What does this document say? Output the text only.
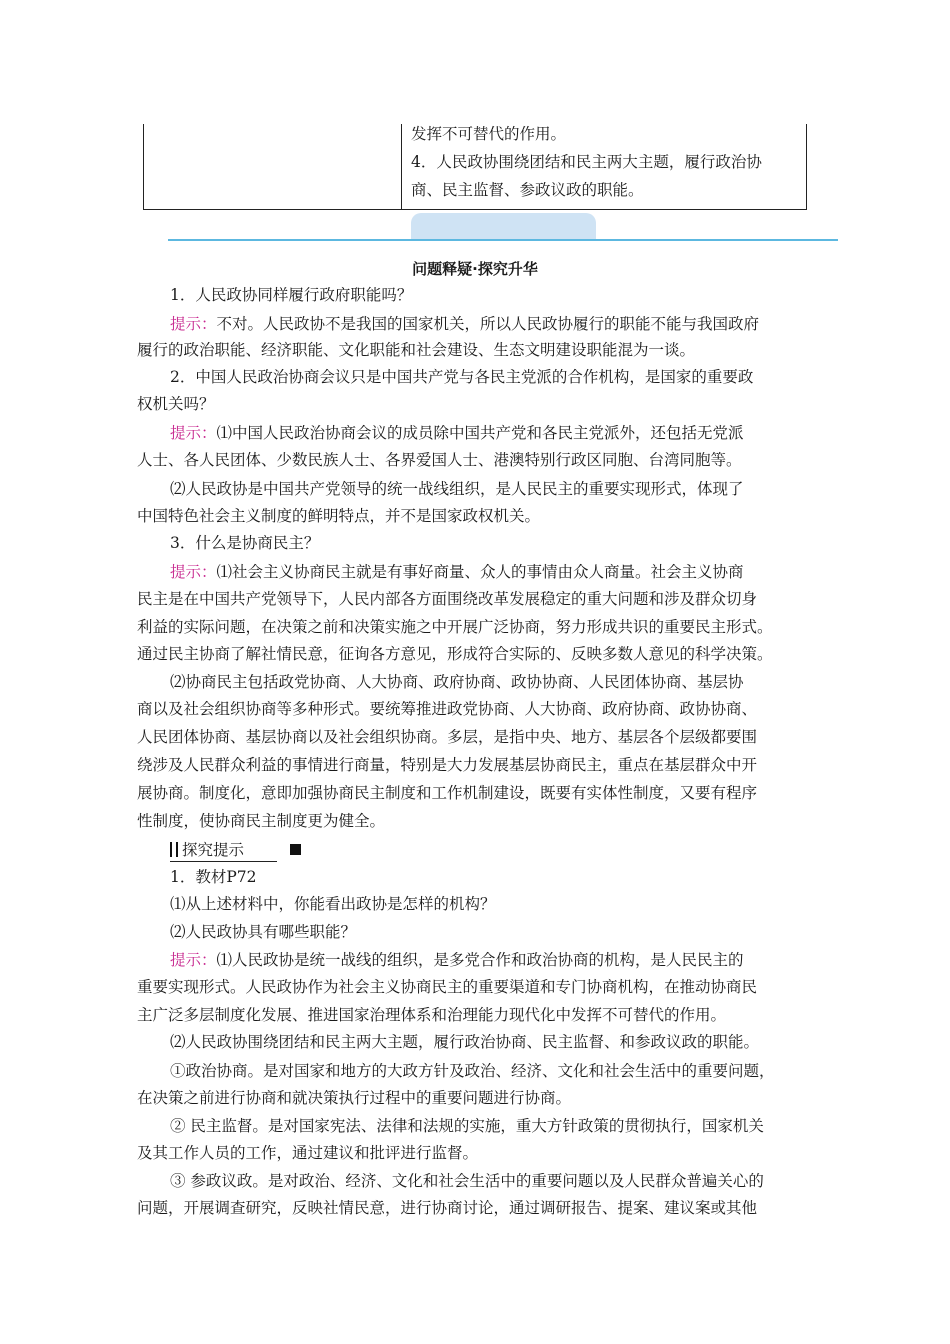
发挥不可替代的作用。
4．人民政协围绕团结和民主两大主题，履行政治协
商、民主监督、参政议政的职能。
问题释疑·探究升华
1．人民政协同样履行政府职能吗？
提示：不对。人民政协不是我国的国家机关，所以人民政协履行的职能不能与我国政府
履行的政治职能、经济职能、文化职能和社会建设、生态文明建设职能混为一谈。
2．中国人民政治协商会议只是中国共产党与各民主党派的合作机构，是国家的重要政
权机关吗？
提示：⑴中国人民政治协商会议的成员除中国共产党和各民主党派外，还包括无党派
人士、各人民团体、少数民族人士、各界爱国人士、港澳特别行政区同胞、台湾同胞等。
⑵人民政协是中国共产党领导的统一战线组织，是人民民主的重要实现形式，体现了
中国特色社会主义制度的鲜明特点，并不是国家政权机关。
3．什么是协商民主？
提示：⑴社会主义协商民主就是有事好商量、众人的事情由众人商量。社会主义协商
民主是在中国共产党领导下，人民内部各方面围绕改革发展稳定的重大问题和涉及群众切身
利益的实际问题，在决策之前和决策实施之中开展广泛协商，努力形成共识的重要民主形式。
通过民主协商了解社情民意，征询各方意见，形成符合实际的、反映多数人意见的科学决策。
⑵协商民主包括政党协商、人大协商、政府协商、政协协商、人民团体协商、基层协
商以及社会组织协商等多种形式。要统筹推进政党协商、人大协商、政府协商、政协协商、
人民团体协商、基层协商以及社会组织协商。多层，是指中央、地方、基层各个层级都要围
绕涉及人民群众利益的事情进行商量，特别是大力发展基层协商民主，重点在基层群众中开
展协商。制度化，意即加强协商民主制度和工作机制建设，既要有实体性制度，又要有程序
性制度，使协商民主制度更为健全。
探究提示
1．教材P72
⑴从上述材料中，你能看出政协是怎样的机构？
⑵人民政协具有哪些职能？
提示：⑴人民政协是统一战线的组织，是多党合作和政治协商的机构，是人民民主的
重要实现形式。人民政协作为社会主义协商民主的重要渠道和专门协商机构，在推动协商民
主广泛多层制度化发展、推进国家治理体系和治理能力现代化中发挥不可替代的作用。
⑵人民政协围绕团结和民主两大主题，履行政治协商、民主监督、和参政议政的职能。
①政治协商。是对国家和地方的大政方针及政治、经济、文化和社会生活中的重要问题，
在决策之前进行协商和就决策执行过程中的重要问题进行协商。
② 民主监督。是对国家宪法、法律和法规的实施，重大方针政策的贯彻执行，国家机关
及其工作人员的工作，通过建议和批评进行监督。
③ 参政议政。是对政治、经济、文化和社会生活中的重要问题以及人民群众普遍关心的
问题，开展调查研究，反映社情民意，进行协商讨论，通过调研报告、提案、建议案或其他
